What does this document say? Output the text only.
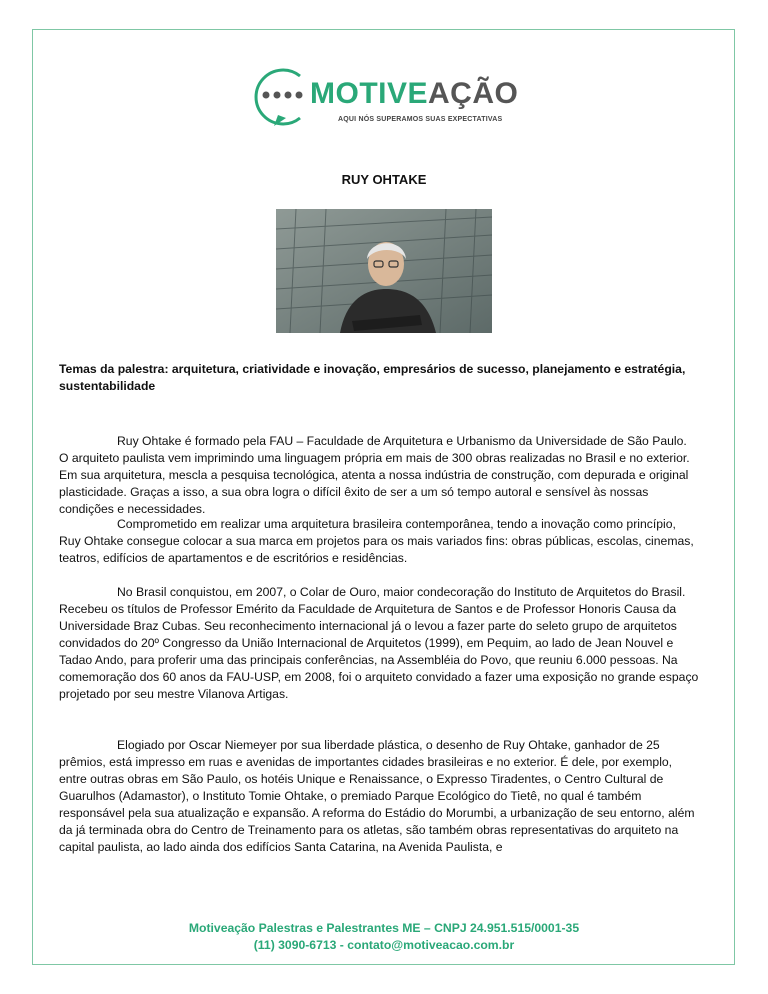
MOTIVEAÇÃO
AQUI NÓS SUPERAMOS SUAS EXPECTATIVAS
RUY OHTAKE
Temas da palestra: arquitetura, criatividade e inovação, empresários de sucesso, planejamento e estratégia, sustentabilidade

Ruy Ohtake é formado pela FAU – Faculdade de Arquitetura e Urbanismo da Universidade de São Paulo. O arquiteto paulista vem imprimindo uma linguagem própria em mais de 300 obras realizadas no Brasil e no exterior. Em sua arquitetura, mescla a pesquisa tecnológica, atenta a nossa indústria de construção, com depurada e original plasticidade. Graças a isso, a sua obra logra o difícil êxito de ser a um só tempo autoral e sensível às nossas condições e necessidades.

Comprometido em realizar uma arquitetura brasileira contemporânea, tendo a inovação como princípio, Ruy Ohtake consegue colocar a sua marca em projetos para os mais variados fins: obras públicas, escolas, cinemas, teatros, edifícios de apartamentos e de escritórios e residências.

No Brasil conquistou, em 2007, o Colar de Ouro, maior condecoração do Instituto de Arquitetos do Brasil. Recebeu os títulos de Professor Emérito da Faculdade de Arquitetura de Santos e de Professor Honoris Causa da Universidade Braz Cubas. Seu reconhecimento internacional já o levou a fazer parte do seleto grupo de arquitetos convidados do 20º Congresso da União Internacional de Arquitetos (1999), em Pequim, ao lado de Jean Nouvel e Tadao Ando, para proferir uma das principais conferências, na Assembléia do Povo, que reuniu 6.000 pessoas. Na comemoração dos 60 anos da FAU-USP, em 2008, foi o arquiteto convidado a fazer uma exposição no grande espaço projetado por seu mestre Vilanova Artigas.

Elogiado por Oscar Niemeyer por sua liberdade plástica, o desenho de Ruy Ohtake, ganhador de 25 prêmios, está impresso em ruas e avenidas de importantes cidades brasileiras e no exterior. É dele, por exemplo, entre outras obras em São Paulo, os hotéis Unique e Renaissance, o Expresso Tiradentes, o Centro Cultural de Guarulhos (Adamastor), o Instituto Tomie Ohtake, o premiado Parque Ecológico do Tietê, no qual é também responsável pela sua atualização e expansão. A reforma do Estádio do Morumbi, a urbanização de seu entorno, além da já terminada obra do Centro de Treinamento para os atletas, são também obras representativas do arquiteto na capital paulista, ao lado ainda dos edifícios Santa Catarina, na Avenida Paulista, e

Motiveação Palestras e Palestrantes ME – CNPJ 24.951.515/0001-35
(11) 3090-6713 - contato@motiveacao.com.br
